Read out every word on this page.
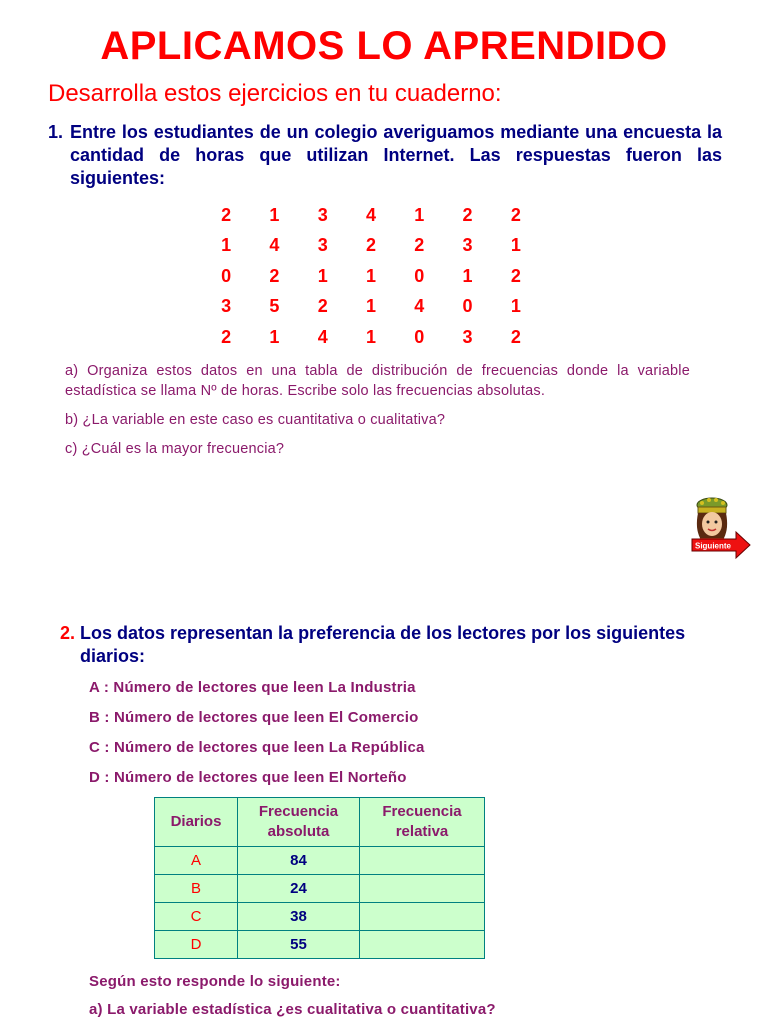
APLICAMOS LO APRENDIDO
Desarrolla estos ejercicios en tu cuaderno:
1. Entre los estudiantes de un colegio averiguamos mediante una encuesta la cantidad de horas que utilizan Internet. Las respuestas fueron las siguientes:
2	1	3	4	1	2	2
1	4	3	2	2	3	1
0	2	1	1	0	1	2
3	5	2	1	4	0	1
2	1	4	1	0	3	2
a) Organiza estos datos en una tabla de distribución de frecuencias donde la variable estadística se llama Nº de horas. Escribe solo las frecuencias absolutas.
b) ¿La variable en este caso es cuantitativa o cualitativa?
c) ¿Cuál es la mayor frecuencia?
Siguiente
2. Los datos representan la preferencia de los lectores por los siguientes diarios:
A : Número de lectores que leen La Industria
B : Número de lectores que leen El Comercio
C : Número de lectores que leen La República
D : Número de lectores que leen El Norteño
Diarios	Frecuencia absoluta	Frecuencia relativa
A	84	
B	24	
C	38	
D	55	
Según esto responde lo siguiente:
a) La variable estadística ¿es cualitativa o cuantitativa?
